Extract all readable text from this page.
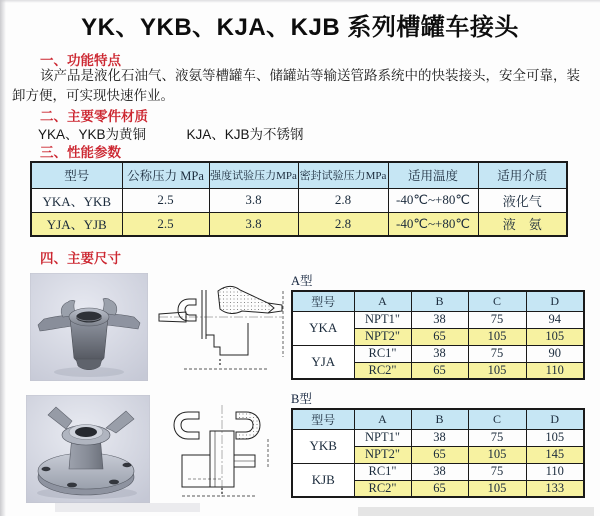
YK、YKB、KJA、KJB 系列槽罐车接头
一、功能特点
该产品是液化石油气、液氨等槽罐车、储罐站等输送管路系统中的快装接头，安全可靠，装卸方便，可实现快速作业。
二、主要零件材质
YKA、YKB为黄铜　　　KJA、KJB为不锈钢
三、性能参数
型号	公称压力 MPa	强度试验压力MPa	密封试验压力MPa	适用温度	适用介质
YKA、YKB	2.5	3.8	2.8	-40℃~+80℃	液化气
YJA、YJB	2.5	3.8	2.8	-40℃~+80℃	液　氨
四、主要尺寸
A型
型号	A	B	C	D
YKA	NPT1"	38	75	94
	NPT2"	65	105	105
YJA	RC1"	38	75	90
	RC2"	65	105	110
B型
型号	A	B	C	D
YKB	NPT1"	38	75	105
	NPT2"	65	105	145
KJB	RC1"	38	75	110
	RC2"	65	105	133
